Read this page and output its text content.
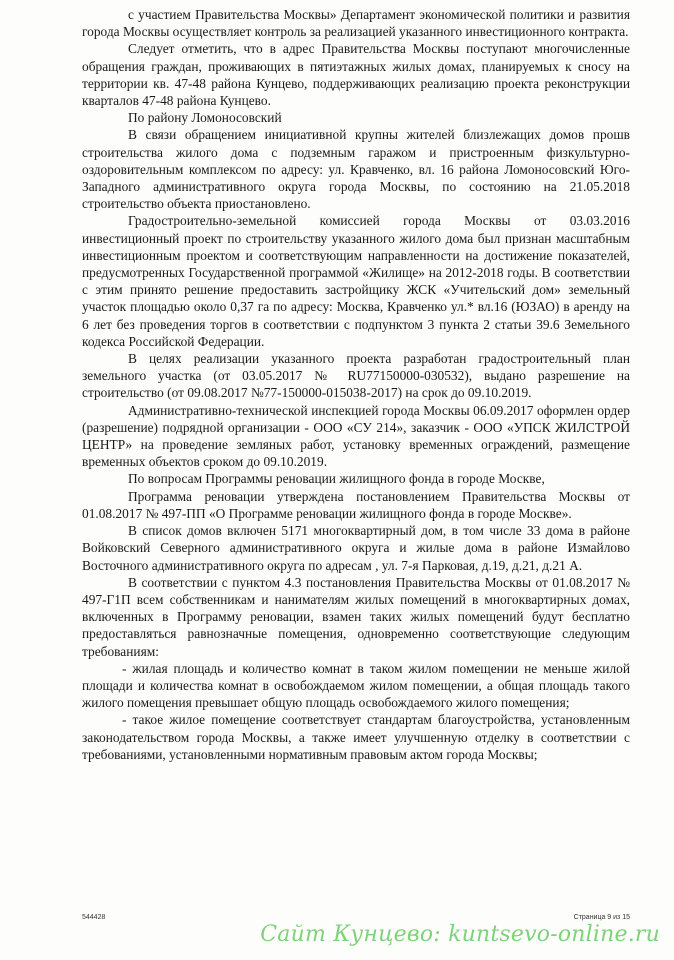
с участием Правительства Москвы» Департамент экономической политики и развития города Москвы осуществляет контроль за реализацией указанного инвестиционного контракта.

Следует отметить, что в адрес Правительства Москвы поступают многочисленные обращения граждан, проживающих в пятиэтажных жилых домах, планируемых к сносу на территории кв. 47-48 района Кунцево, поддерживающих реализацию проекта реконструкции кварталов 47-48 района Кунцево.

По району Ломоносовский

В связи обращением инициативной крупны жителей близлежащих домов прошв строительства жилого дома с подземным гаражом и пристроенным физкультурно- оздоровительным комплексом по адресу: ул. Кравченко, вл. 16 района Ломоносовский Юго-Западного административного округа города Москвы, по состоянию на 21.05.2018 строительство объекта приостановлено.

Градостроительно-земельной комиссией города Москвы от 03.03.2016 инвестиционный проект по строительству указанного жилого дома был признан масштабным инвестиционным проектом и соответствующим направленности на достижение показателей, предусмотренных Государственной программой «Жилище» на 2012-2018 годы. В соответствии с этим принято решение предоставить застройщику ЖСК «Учительский дом» земельный участок площадью около 0,37 га по адресу: Москва, Кравченко ул.* вл.16 (ЮЗАО) в аренду на 6 лет без проведения торгов в соответствии с подпунктом 3 пункта 2 статьи 39.6 Земельного кодекса Российской Федерации.

В целях реализации указанного проекта разработан градостроительный план земельного участка (от 03.05.2017 № RU77150000-030532), выдано разрешение на строительство (от 09.08.2017 №77-150000-015038-2017) на срок до 09.10.2019.

Административно-технической инспекцией города Москвы 06.09.2017 оформлен ордер (разрешение) подрядной организации - ООО «СУ 214», заказчик - ООО «УПСК ЖИЛСТРОЙ ЦЕНТР» на проведение земляных работ, установку временных ограждений, размещение временных объектов сроком до 09.10.2019.

По вопросам Программы реновации жилищного фонда в городе Москве,

Программа реновации утверждена постановлением Правительства Москвы от 01.08.2017 № 497-ПП «О Программе реновации жилищного фонда в городе Москве».

В список домов включен 5171 многоквартирный дом, в том числе 33 дома в районе Войковский Северного административного округа и жилые дома в районе Измайлово Восточного административного округа по адресам , ул. 7-я Парковая, д.19, д.21, д.21 А.

В соответствии с пунктом 4.3 постановления Правительства Москвы от 01.08.2017 № 497-Г1П всем собственникам и нанимателям жилых помещений в многоквартирных домах, включенных в Программу реновации, взамен таких жилых помещений будут бесплатно предоставляться равнозначные помещения, одновременно соответствующие следующим требованиям:

- жилая площадь и количество комнат в таком жилом помещении не меньше жилой площади и количества комнат в освобождаемом жилом помещении, а общая площадь такого жилого помещения превышает общую площадь освобождаемого жилого помещения;

- такое жилое помещение соответствует стандартам благоустройства, установленным законодательством города Москвы, а также имеет улучшенную отделку в соответствии с требованиями, установленными нормативным правовым актом города Москвы;

544428	Страница 9 из 15
Сайт Кунцево: kuntsevo-online.ru
